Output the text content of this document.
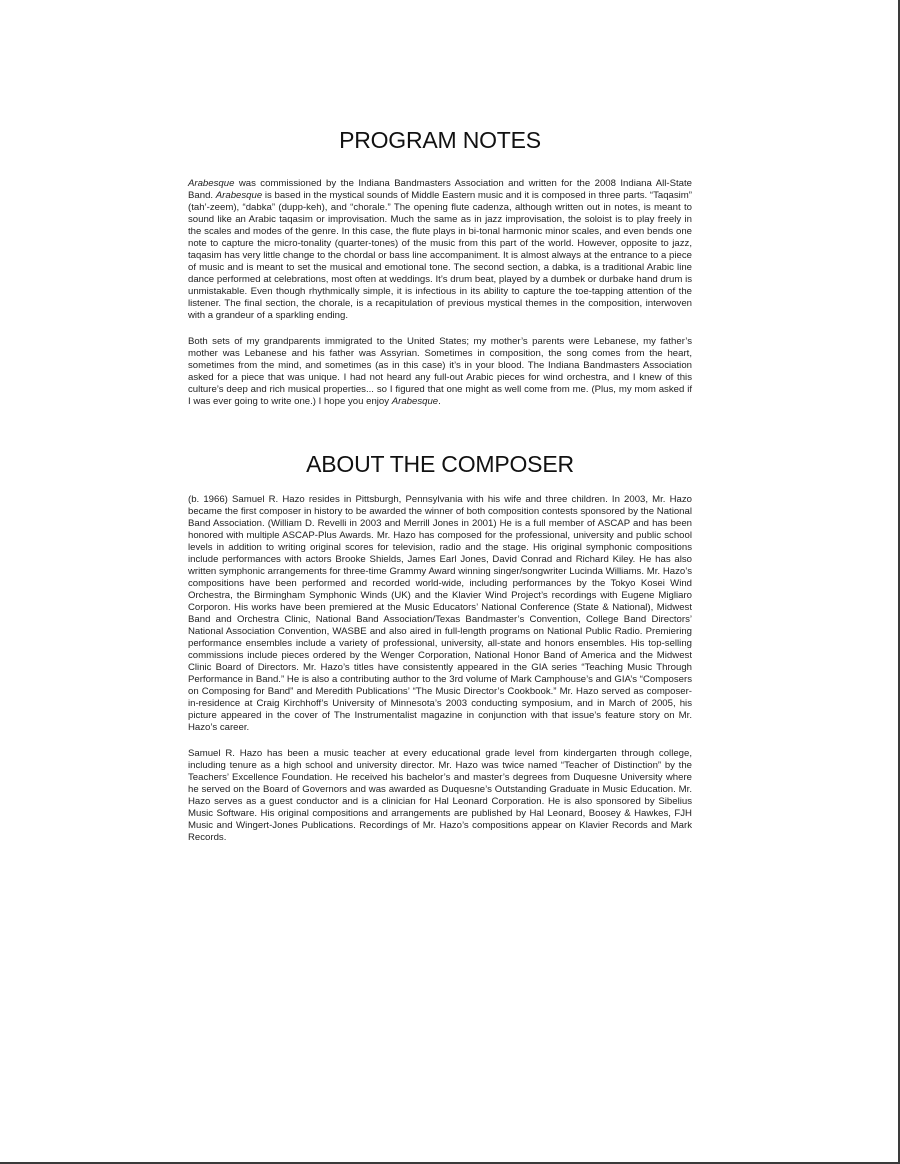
PROGRAM NOTES

Arabesque was commissioned by the Indiana Bandmasters Association and written for the 2008 Indiana All-State Band. Arabesque is based in the mystical sounds of Middle Eastern music and it is composed in three parts. “Taqasim” (tah’-zeem), “dabka” (dupp-keh), and “chorale.” The opening flute cadenza, although written out in notes, is meant to sound like an Arabic taqasim or improvisation. Much the same as in jazz improvisation, the soloist is to play freely in the scales and modes of the genre. In this case, the flute plays in bi-tonal harmonic minor scales, and even bends one note to capture the micro-tonality (quarter-tones) of the music from this part of the world. However, opposite to jazz, taqasim has very little change to the chordal or bass line accompaniment. It is almost always at the entrance to a piece of music and is meant to set the musical and emotional tone. The second section, a dabka, is a traditional Arabic line dance performed at celebrations, most often at weddings. It’s drum beat, played by a dumbek or durbake hand drum is unmistakable. Even though rhythmically simple, it is infectious in its ability to capture the toe-tapping attention of the listener. The final section, the chorale, is a recapitulation of previous mystical themes in the composition, interwoven with a grandeur of a sparkling ending.

Both sets of my grandparents immigrated to the United States; my mother’s parents were Lebanese, my father’s mother was Lebanese and his father was Assyrian. Sometimes in composition, the song comes from the heart, sometimes from the mind, and sometimes (as in this case) it’s in your blood. The Indiana Bandmasters Association asked for a piece that was unique. I had not heard any full-out Arabic pieces for wind orchestra, and I knew of this culture’s deep and rich musical properties... so I figured that one might as well come from me. (Plus, my mom asked if I was ever going to write one.) I hope you enjoy Arabesque.

ABOUT THE COMPOSER

(b. 1966) Samuel R. Hazo resides in Pittsburgh, Pennsylvania with his wife and three children. In 2003, Mr. Hazo became the first composer in history to be awarded the winner of both composition contests sponsored by the National Band Association. (William D. Revelli in 2003 and Merrill Jones in 2001) He is a full member of ASCAP and has been honored with multiple ASCAP-Plus Awards. Mr. Hazo has composed for the professional, university and public school levels in addition to writing original scores for television, radio and the stage. His original symphonic compositions include performances with actors Brooke Shields, James Earl Jones, David Conrad and Richard Kiley. He has also written symphonic arrangements for three-time Grammy Award winning singer/songwriter Lucinda Williams. Mr. Hazo’s compositions have been performed and recorded world-wide, including performances by the Tokyo Kosei Wind Orchestra, the Birmingham Symphonic Winds (UK) and the Klavier Wind Project’s recordings with Eugene Migliaro Corporon. His works have been premiered at the Music Educators’ National Conference (State & National), Midwest Band and Orchestra Clinic, National Band Association/Texas Bandmaster’s Convention, College Band Directors’ National Association Convention, WASBE and also aired in full-length programs on National Public Radio. Premiering performance ensembles include a variety of professional, university, all-state and honors ensembles. His top-selling commissions include pieces ordered by the Wenger Corporation, National Honor Band of America and the Midwest Clinic Board of Directors. Mr. Hazo’s titles have consistently appeared in the GIA series “Teaching Music Through Performance in Band.” He is also a contributing author to the 3rd volume of Mark Camphouse’s and GIA’s “Composers on Composing for Band” and Meredith Publications’ “The Music Director’s Cookbook.” Mr. Hazo served as composer-in-residence at Craig Kirchhoff’s University of Minnesota’s 2003 conducting symposium, and in March of 2005, his picture appeared in the cover of The Instrumentalist magazine in conjunction with that issue’s feature story on Mr. Hazo’s career.

Samuel R. Hazo has been a music teacher at every educational grade level from kindergarten through college, including tenure as a high school and university director. Mr. Hazo was twice named “Teacher of Distinction” by the Teachers’ Excellence Foundation. He received his bachelor’s and master’s degrees from Duquesne University where he served on the Board of Governors and was awarded as Duquesne’s Outstanding Graduate in Music Education. Mr. Hazo serves as a guest conductor and is a clinician for Hal Leonard Corporation. He is also sponsored by Sibelius Music Software. His original compositions and arrangements are published by Hal Leonard, Boosey & Hawkes, FJH Music and Wingert-Jones Publications. Recordings of Mr. Hazo’s compositions appear on Klavier Records and Mark Records.
